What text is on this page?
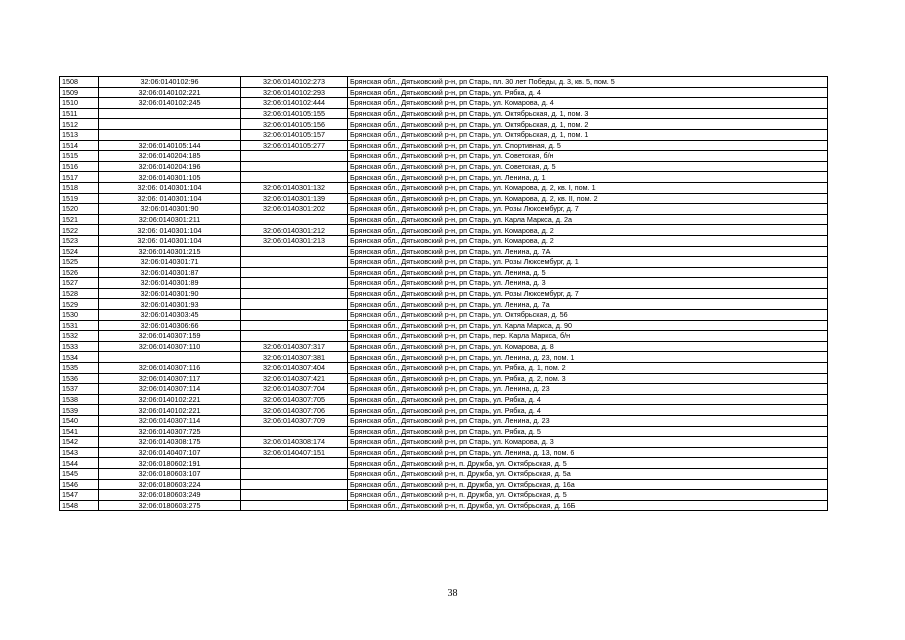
1508	32:06:0140102:96	32:06:0140102:273	Брянская обл., Дятьковский р-н, рп Старь, пл. 30 лет Победы, д. 3, кв. 5, пом. 5
1509	32:06:0140102:221	32:06:0140102:293	Брянская обл., Дятьковский р-н, рп Старь, ул. Рябка, д. 4
1510	32:06:0140102:245	32:06:0140102:444	Брянская обл., Дятьковский р-н, рп Старь, ул. Комарова, д. 4
1511		32:06:0140105:155	Брянская обл., Дятьковский р-н, рп Старь, ул. Октябрьская, д. 1, пом. 3
1512		32:06:0140105:156	Брянская обл., Дятьковский р-н, рп Старь, ул. Октябрьская, д. 1, пом. 2
1513		32:06:0140105:157	Брянская обл., Дятьковский р-н, рп Старь, ул. Октябрьская, д. 1, пом. 1
1514	32:06:0140105:144	32:06:0140105:277	Брянская обл., Дятьковский р-н, рп Старь, ул. Спортивная, д. 5
1515	32:06:0140204:185		Брянская обл., Дятьковский р-н, рп Старь, ул. Советская, б/н
1516	32:06:0140204:196		Брянская обл., Дятьковский р-н, рп Старь, ул. Советская, д. 5
1517	32:06:0140301:105		Брянская обл., Дятьковский р-н, рп Старь, ул. Ленина, д. 1
1518	32:06: 0140301:104	32:06:0140301:132	Брянская обл., Дятьковский р-н, рп Старь, ул. Комарова, д. 2, кв. I, пом. 1
1519	32:06: 0140301:104	32:06:0140301:139	Брянская обл., Дятьковский р-н, рп Старь, ул. Комарова, д. 2, кв. II, пом. 2
1520	32:06:0140301:90	32:06:0140301:202	Брянская обл., Дятьковский р-н, рп Старь, ул. Розы Люксембург, д. 7
1521	32:06:0140301:211		Брянская обл., Дятьковский р-н, рп Старь, ул. Карла Маркса, д. 2а
1522	32:06: 0140301:104	32:06:0140301:212	Брянская обл., Дятьковский р-н, рп Старь, ул. Комарова, д. 2
1523	32:06: 0140301:104	32:06:0140301:213	Брянская обл., Дятьковский р-н, рп Старь, ул. Комарова, д. 2
1524	32:06:0140301:215		Брянская обл., Дятьковский р-н, рп Старь, ул. Ленина, д. 7А
1525	32:06:0140301:71		Брянская обл., Дятьковский р-н, рп Старь, ул. Розы Люксембург, д. 1
1526	32:06:0140301:87		Брянская обл., Дятьковский р-н, рп Старь, ул. Ленина, д. 5
1527	32:06:0140301:89		Брянская обл., Дятьковский р-н, рп Старь, ул. Ленина, д. 3
1528	32:06:0140301:90		Брянская обл., Дятьковский р-н, рп Старь, ул. Розы Люксембург, д. 7
1529	32:06:0140301:93		Брянская обл., Дятьковский р-н, рп Старь, ул. Ленина, д. 7а
1530	32:06:0140303:45		Брянская обл., Дятьковский р-н, рп Старь, ул. Октябрьская, д. 56
1531	32:06:0140306:66		Брянская обл., Дятьковский р-н, рп Старь, ул. Карла Маркса, д. 90
1532	32:06:0140307:159		Брянская обл., Дятьковский р-н, рп Старь, пер. Карла Маркса, б/н
1533	32:06:0140307:110	32:06:0140307:317	Брянская обл., Дятьковский р-н, рп Старь, ул. Комарова, д. 8
1534		32:06:0140307:381	Брянская обл., Дятьковский р-н, рп Старь, ул. Ленина, д. 23, пом. 1
1535	32:06:0140307:116	32:06:0140307:404	Брянская обл., Дятьковский р-н, рп Старь, ул. Рябка, д. 1, пом. 2
1536	32:06:0140307:117	32:06:0140307:421	Брянская обл., Дятьковский р-н, рп Старь, ул. Рябка, д. 2, пом. 3
1537	32:06:0140307:114	32:06:0140307:704	Брянская обл., Дятьковский р-н, рп Старь, ул. Ленина, д. 23
1538	32:06:0140102:221	32:06:0140307:705	Брянская обл., Дятьковский р-н, рп Старь, ул. Рябка, д. 4
1539	32:06:0140102:221	32:06:0140307:706	Брянская обл., Дятьковский р-н, рп Старь, ул. Рябка, д. 4
1540	32:06:0140307:114	32:06:0140307:709	Брянская обл., Дятьковский р-н, рп Старь, ул. Ленина, д. 23
1541	32:06:0140307:725		Брянская обл., Дятьковский р-н, рп Старь, ул. Рябка, д. 5
1542	32:06:0140308:175	32:06:0140308:174	Брянская обл., Дятьковский р-н, рп Старь, ул. Комарова, д. 3
1543	32:06:0140407:107	32:06:0140407:151	Брянская обл., Дятьковский р-н, рп Старь, ул. Ленина, д. 13, пом. 6
1544	32:06:0180602:191		Брянская обл., Дятьковский р-н, п. Дружба, ул. Октябрьская, д. 5
1545	32:06:0180603:107		Брянская обл., Дятьковский р-н, п. Дружба, ул. Октябрьская, д. 5а
1546	32:06:0180603:224		Брянская обл., Дятьковский р-н, п. Дружба, ул. Октябрьская, д. 16а
1547	32:06:0180603:249		Брянская обл., Дятьковский р-н, п. Дружба, ул. Октябрьская, д. 5
1548	32:06:0180603:275		Брянская обл., Дятьковский р-н, п. Дружба, ул. Октябрьская, д. 16Б
38
